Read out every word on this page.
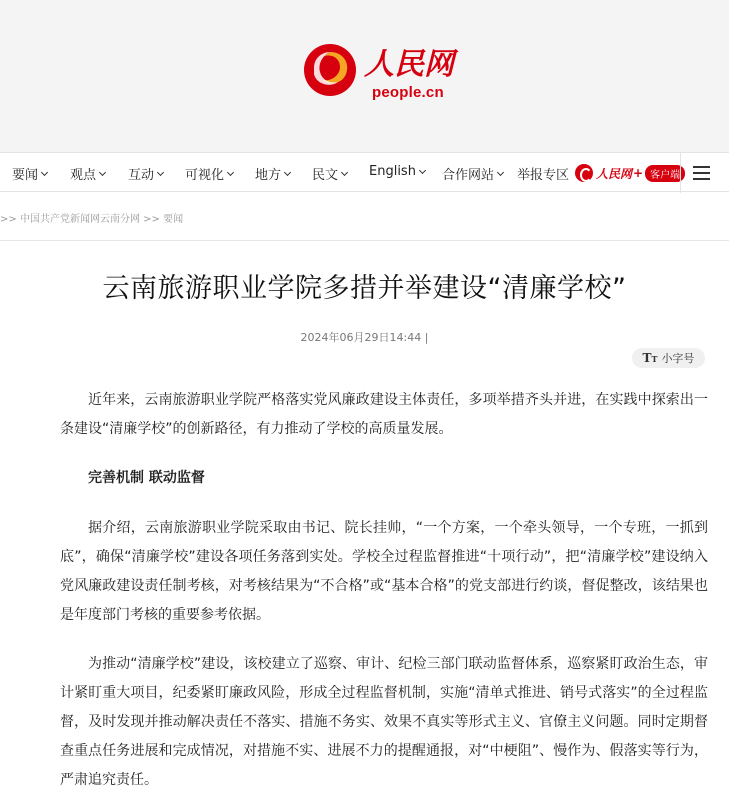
人民网
people.cn
要闻 观点 互动 可视化 地方 民文 English 合作网站 举报专区 人民网 + 客户端
>> 中国共产党新闻网云南分网 >> 要闻
云南旅游职业学院多措并举建设“清廉学校”
2024年06月29日14:44 |
TT 小字号

近年来，云南旅游职业学院严格落实党风廉政建设主体责任，多项举措齐头并进，在实践中探索出一条建设“清廉学校”的创新路径，有力推动了学校的高质量发展。

完善机制 联动监督

据介绍，云南旅游职业学院采取由书记、院长挂帅，“一个方案，一个牵头领导，一个专班，一抓到底”，确保“清廉学校”建设各项任务落到实处。学校全过程监督推进“十项行动”，把“清廉学校”建设纳入党风廉政建设责任制考核，对考核结果为“不合格”或“基本合格”的党支部进行约谈，督促整改，该结果也是年度部门考核的重要参考依据。

为推动“清廉学校”建设，该校建立了巡察、审计、纪检三部门联动监督体系，巡察紧盯政治生态，审计紧盯重大项目，纪委紧盯廉政风险，形成全过程监督机制，实施“清单式推进、销号式落实”的全过程监督，及时发现并推动解决责任不落实、措施不务实、效果不真实等形式主义、官僚主义问题。同时定期督查重点任务进展和完成情况，对措施不实、进展不力的提醒通报，对“中梗阻”、慢作为、假落实等行为，严肃追究责任。
